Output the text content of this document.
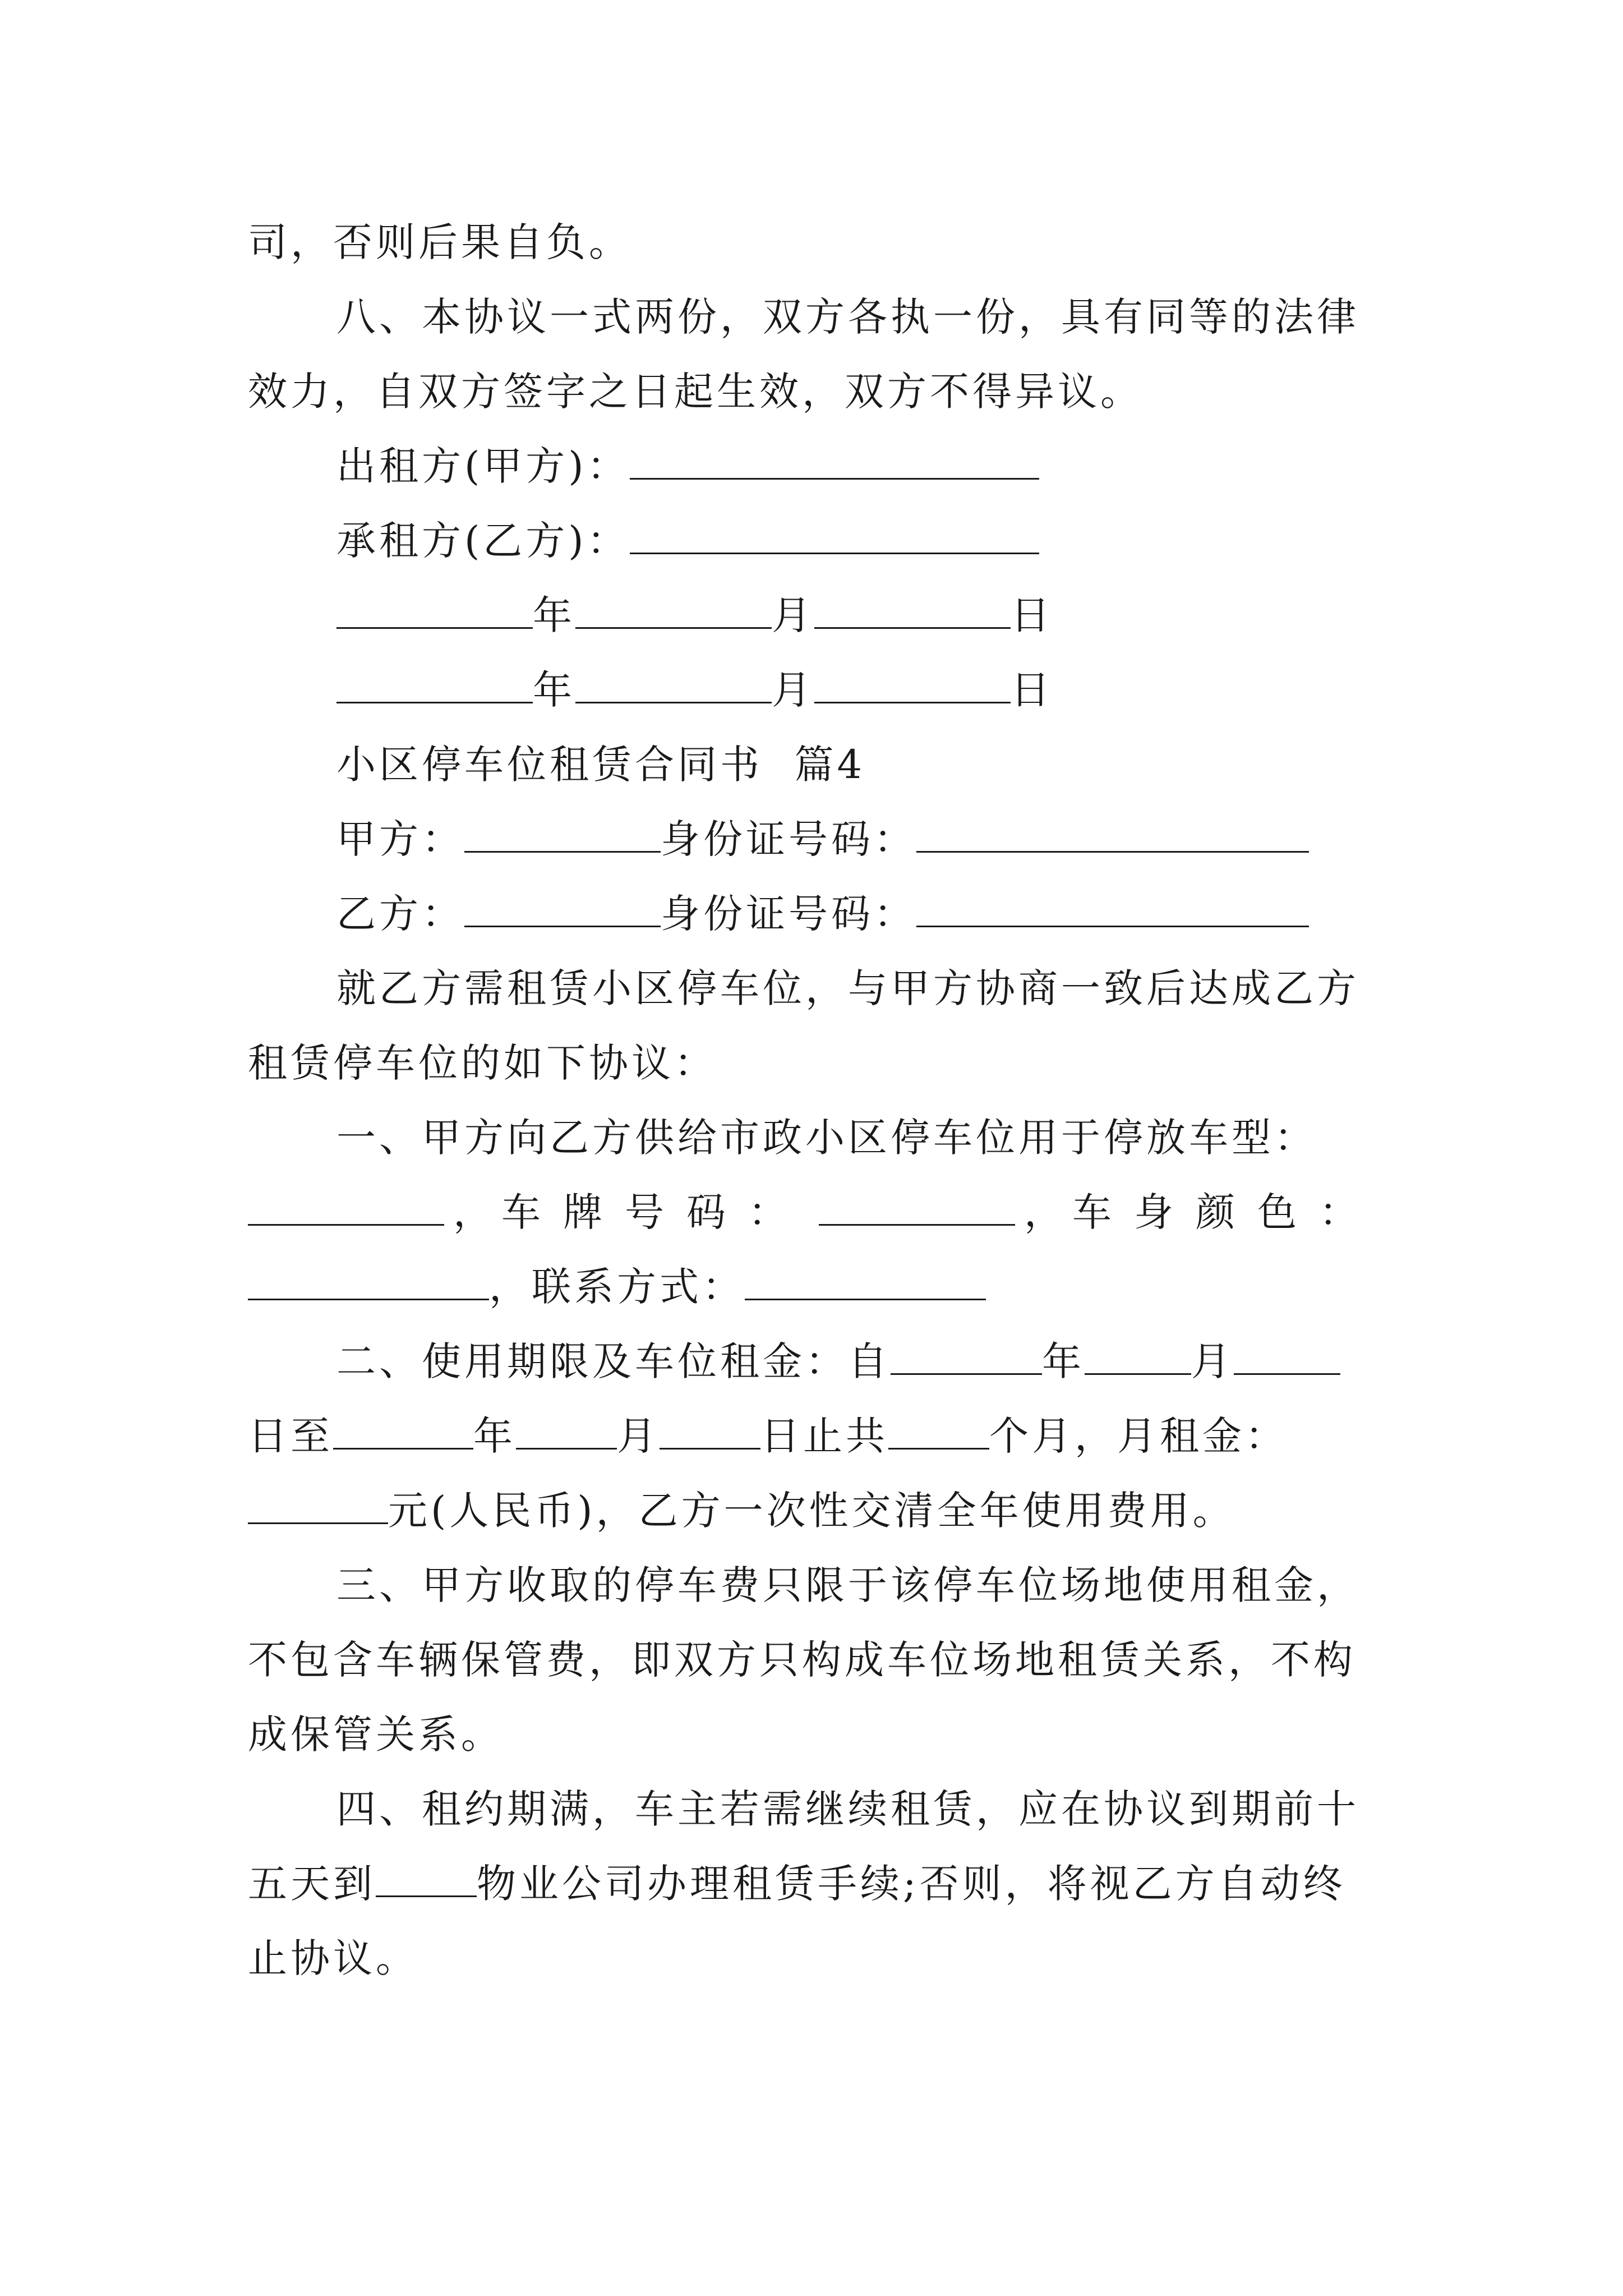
司，否则后果自负。
八、本协议一式两份，双方各执一份，具有同等的法律
效力，自双方签字之日起生效，双方不得异议。
出租方(甲方)：
承租方(乙方)：
年	月	日
年	月	日
小区停车位租赁合同书  篇4
甲方：	身份证号码：
乙方：	身份证号码：
就乙方需租赁小区停车位，与甲方协商一致后达成乙方
租赁停车位的如下协议：
一、甲方向乙方供给市政小区停车位用于停放车型：
， 车牌号码：	， 车身颜色：
，联系方式：
二、使用期限及车位租金：自	年	月
日至	年	月	日止共	个月，月租金：
元(人民币)，乙方一次性交清全年使用费用。
三、甲方收取的停车费只限于该停车位场地使用租金，
不包含车辆保管费，即双方只构成车位场地租赁关系，不构
成保管关系。
四、租约期满，车主若需继续租赁，应在协议到期前十
五天到	物业公司办理租赁手续;否则，将视乙方自动终
止协议。
